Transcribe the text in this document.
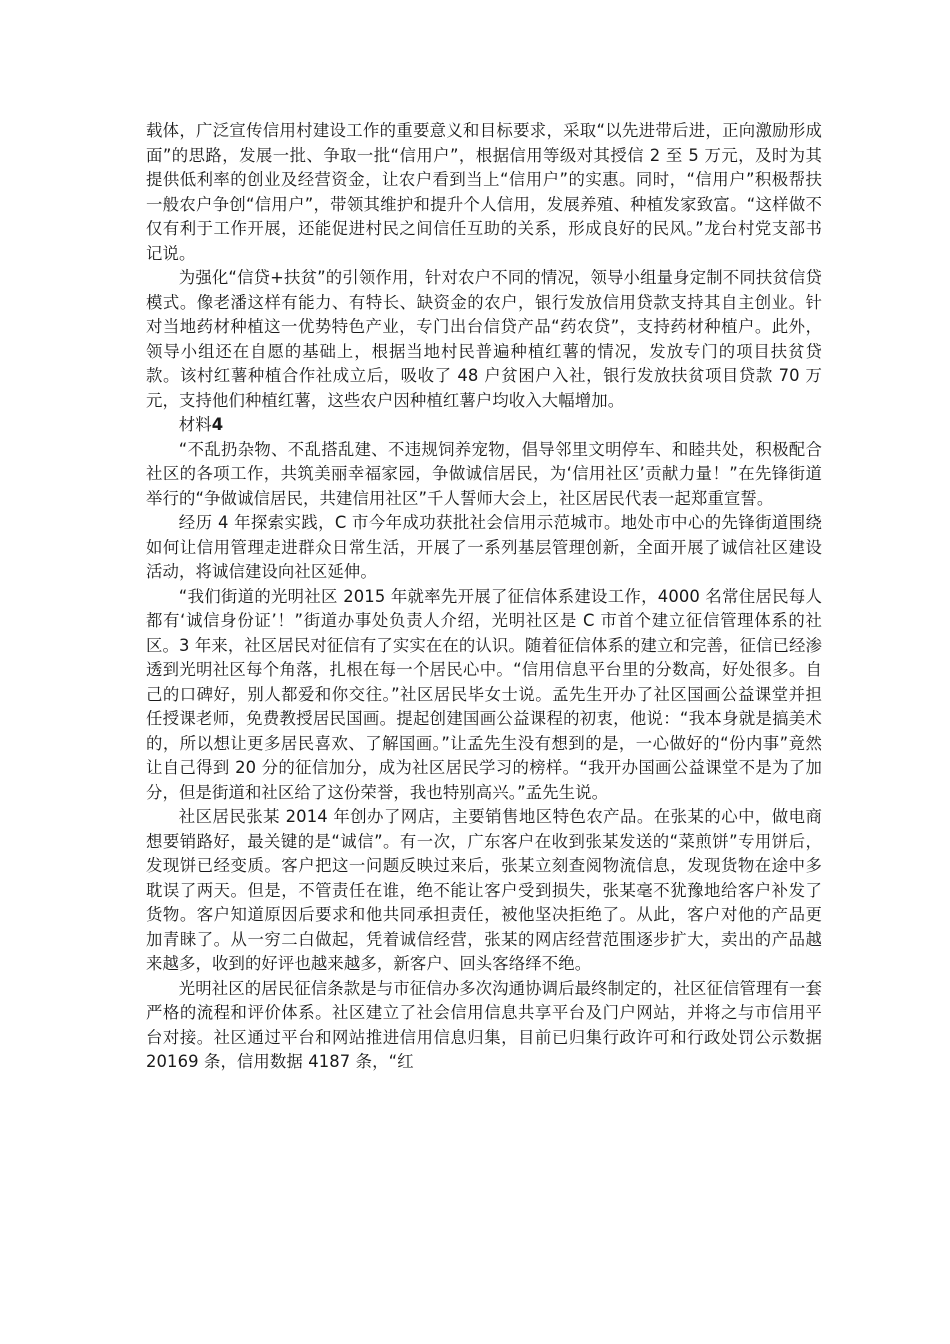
载体，广泛宣传信用村建设工作的重要意义和目标要求，采取“以先进带后进，正向激励形成面”的思路，发展一批、争取一批“信用户”，根据信用等级对其授信 2 至 5 万元，及时为其提供低利率的创业及经营资金，让农户看到当上“信用户”的实惠。同时，“信用户”积极帮扶一般农户争创“信用户”，带领其维护和提升个人信用，发展养殖、种植发家致富。“这样做不仅有利于工作开展，还能促进村民之间信任互助的关系，形成良好的民风。”龙台村党支部书记说。

为强化“信贷+扶贫”的引领作用，针对农户不同的情况，领导小组量身定制不同扶贫信贷模式。像老潘这样有能力、有特长、缺资金的农户，银行发放信用贷款支持其自主创业。针对当地药材种植这一优势特色产业，专门出台信贷产品“药农贷”，支持药材种植户。此外，领导小组还在自愿的基础上，根据当地村民普遍种植红薯的情况，发放专门的项目扶贫贷款。该村红薯种植合作社成立后，吸收了 48 户贫困户入社，银行发放扶贫项目贷款 70 万元，支持他们种植红薯，这些农户因种植红薯户均收入大幅增加。

材料4

“不乱扔杂物、不乱搭乱建、不违规饲养宠物，倡导邻里文明停车、和睦共处，积极配合社区的各项工作，共筑美丽幸福家园，争做诚信居民，为‘信用社区’贡献力量！”在先锋街道举行的“争做诚信居民，共建信用社区”千人誓师大会上，社区居民代表一起郑重宣誓。

经历 4 年探索实践，C 市今年成功获批社会信用示范城市。地处市中心的先锋街道围绕如何让信用管理走进群众日常生活，开展了一系列基层管理创新，全面开展了诚信社区建设活动，将诚信建设向社区延伸。

“我们街道的光明社区 2015 年就率先开展了征信体系建设工作，4000 名常住居民每人都有‘诚信身份证’！”街道办事处负责人介绍，光明社区是 C 市首个建立征信管理体系的社区。3 年来，社区居民对征信有了实实在在的认识。随着征信体系的建立和完善，征信已经渗透到光明社区每个角落，扎根在每一个居民心中。“信用信息平台里的分数高，好处很多。自己的口碑好，别人都爱和你交往。”社区居民毕女士说。孟先生开办了社区国画公益课堂并担任授课老师，免费教授居民国画。提起创建国画公益课程的初衷，他说：“我本身就是搞美术的，所以想让更多居民喜欢、了解国画。”让孟先生没有想到的是，一心做好的“份内事”竟然让自己得到 20 分的征信加分，成为社区居民学习的榜样。“我开办国画公益课堂不是为了加分，但是街道和社区给了这份荣誉，我也特别高兴。”孟先生说。

社区居民张某 2014 年创办了网店，主要销售地区特色农产品。在张某的心中，做电商想要销路好，最关键的是“诚信”。有一次，广东客户在收到张某发送的“菜煎饼”专用饼后，发现饼已经变质。客户把这一问题反映过来后，张某立刻查阅物流信息，发现货物在途中多耽误了两天。但是，不管责任在谁，绝不能让客户受到损失，张某毫不犹豫地给客户补发了货物。客户知道原因后要求和他共同承担责任，被他坚决拒绝了。从此，客户对他的产品更加青睐了。从一穷二白做起，凭着诚信经营，张某的网店经营范围逐步扩大，卖出的产品越来越多，收到的好评也越来越多，新客户、回头客络绎不绝。

光明社区的居民征信条款是与市征信办多次沟通协调后最终制定的，社区征信管理有一套严格的流程和评价体系。社区建立了社会信用信息共享平台及门户网站，并将之与市信用平台对接。社区通过平台和网站推进信用信息归集，目前已归集行政许可和行政处罚公示数据 20169 条，信用数据 4187 条，“红
